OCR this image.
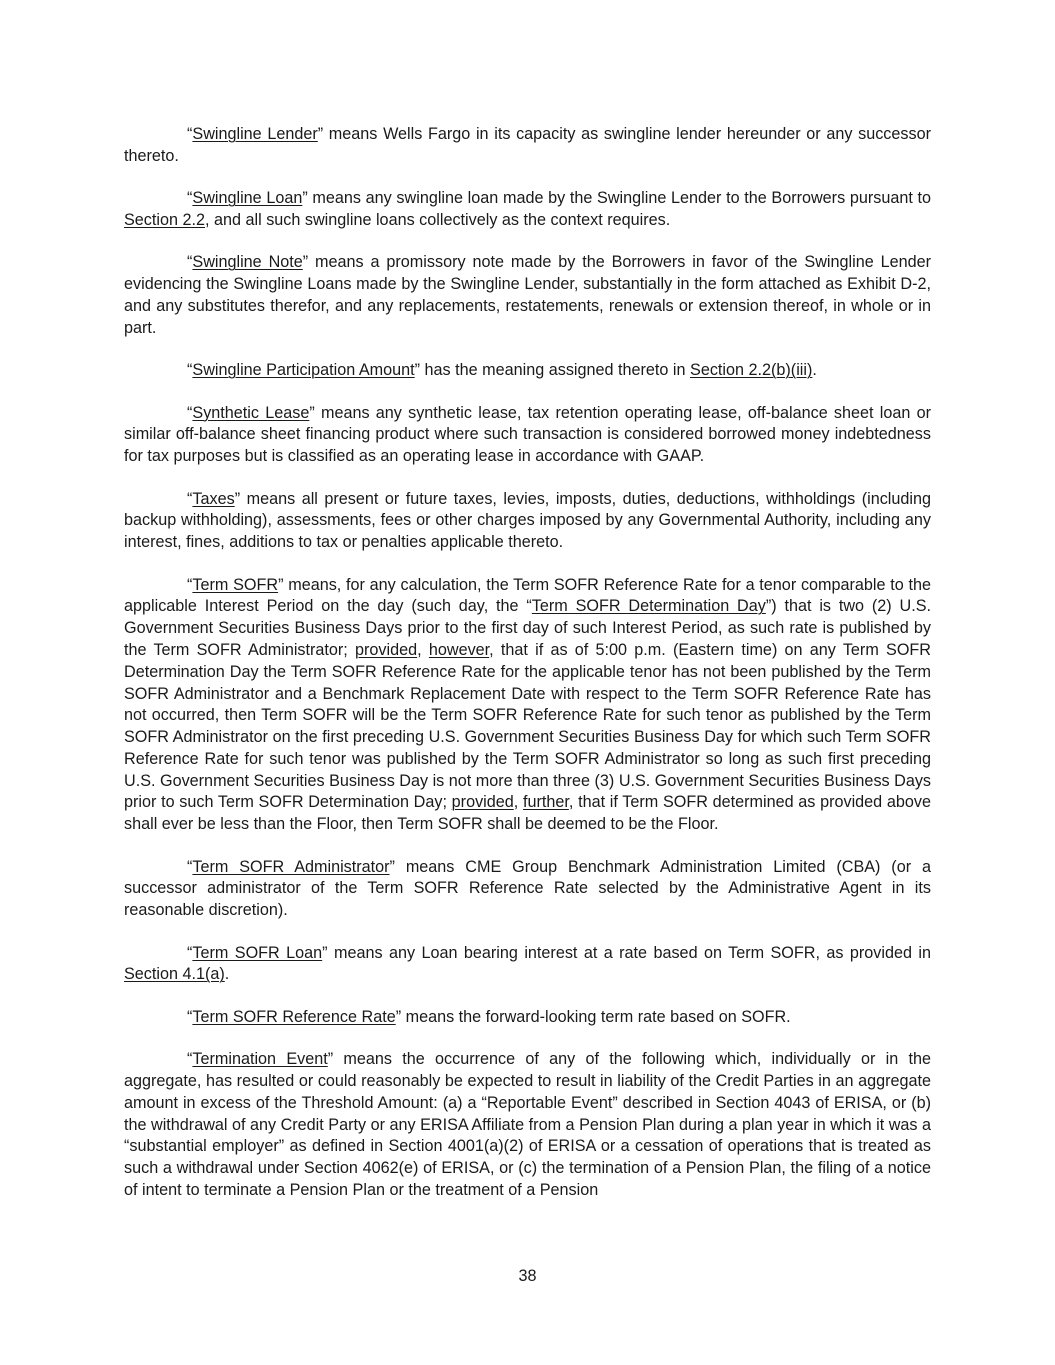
“Swingline Lender” means Wells Fargo in its capacity as swingline lender hereunder or any successor thereto.

“Swingline Loan” means any swingline loan made by the Swingline Lender to the Borrowers pursuant to Section 2.2, and all such swingline loans collectively as the context requires.

“Swingline Note” means a promissory note made by the Borrowers in favor of the Swingline Lender evidencing the Swingline Loans made by the Swingline Lender, substantially in the form attached as Exhibit D-2, and any substitutes therefor, and any replacements, restatements, renewals or extension thereof, in whole or in part.

“Swingline Participation Amount” has the meaning assigned thereto in Section 2.2(b)(iii).

“Synthetic Lease” means any synthetic lease, tax retention operating lease, off-balance sheet loan or similar off-balance sheet financing product where such transaction is considered borrowed money indebtedness for tax purposes but is classified as an operating lease in accordance with GAAP.

“Taxes” means all present or future taxes, levies, imposts, duties, deductions, withholdings (including backup withholding), assessments, fees or other charges imposed by any Governmental Authority, including any interest, fines, additions to tax or penalties applicable thereto.

“Term SOFR” means, for any calculation, the Term SOFR Reference Rate for a tenor comparable to the applicable Interest Period on the day (such day, the “Term SOFR Determination Day”) that is two (2) U.S. Government Securities Business Days prior to the first day of such Interest Period, as such rate is published by the Term SOFR Administrator; provided, however, that if as of 5:00 p.m. (Eastern time) on any Term SOFR Determination Day the Term SOFR Reference Rate for the applicable tenor has not been published by the Term SOFR Administrator and a Benchmark Replacement Date with respect to the Term SOFR Reference Rate has not occurred, then Term SOFR will be the Term SOFR Reference Rate for such tenor as published by the Term SOFR Administrator on the first preceding U.S. Government Securities Business Day for which such Term SOFR Reference Rate for such tenor was published by the Term SOFR Administrator so long as such first preceding U.S. Government Securities Business Day is not more than three (3) U.S. Government Securities Business Days prior to such Term SOFR Determination Day; provided, further, that if Term SOFR determined as provided above shall ever be less than the Floor, then Term SOFR shall be deemed to be the Floor.

“Term SOFR Administrator” means CME Group Benchmark Administration Limited (CBA) (or a successor administrator of the Term SOFR Reference Rate selected by the Administrative Agent in its reasonable discretion).

“Term SOFR Loan” means any Loan bearing interest at a rate based on Term SOFR, as provided in Section 4.1(a).

“Term SOFR Reference Rate” means the forward-looking term rate based on SOFR.

“Termination Event” means the occurrence of any of the following which, individually or in the aggregate, has resulted or could reasonably be expected to result in liability of the Credit Parties in an aggregate amount in excess of the Threshold Amount: (a) a “Reportable Event” described in Section 4043 of ERISA, or (b) the withdrawal of any Credit Party or any ERISA Affiliate from a Pension Plan during a plan year in which it was a “substantial employer” as defined in Section 4001(a)(2) of ERISA or a cessation of operations that is treated as such a withdrawal under Section 4062(e) of ERISA, or (c) the termination of a Pension Plan, the filing of a notice of intent to terminate a Pension Plan or the treatment of a Pension

38
